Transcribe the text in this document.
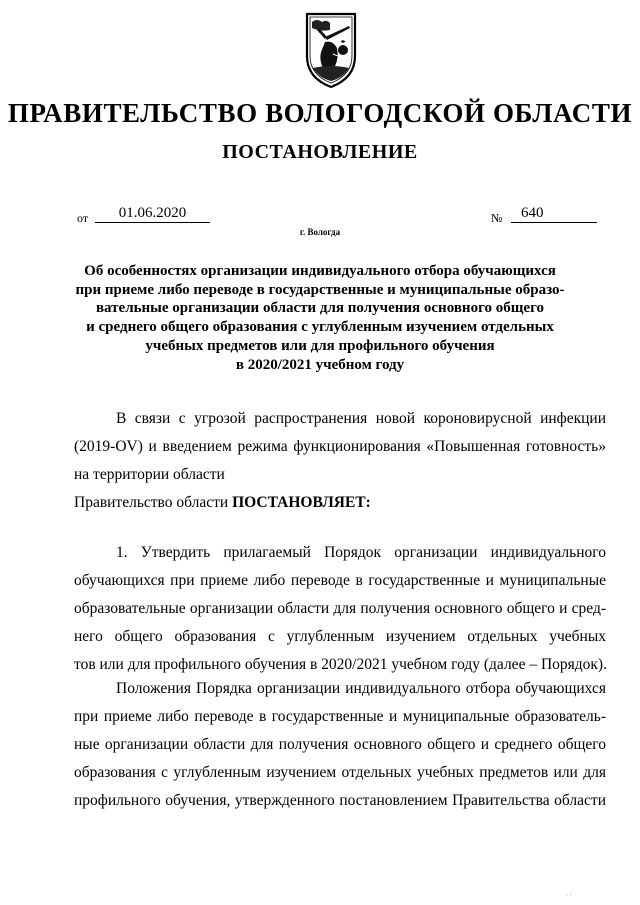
ПРАВИТЕЛЬСТВО ВОЛОГОДСКОЙ ОБЛАСТИ
ПОСТАНОВЛЕНИЕ
от	01.06.2020	№	640
г. Вологда
Об особенностях организации индивидуального отбора обучающихся
при приеме либо переводе в государственные и муниципальные образо-
вательные организации области для получения основного общего
и среднего общего образования с углубленным изучением отдельных
учебных предметов или для профильного обучения
в 2020/2021 учебном году
В связи с угрозой распространения новой короновирусной инфекции
(2019-OV) и введением режима функционирования «Повышенная готовность»
на территории области
Правительство области ПОСТАНОВЛЯЕТ:
1. Утвердить прилагаемый Порядок организации индивидуального
обучающихся при приеме либо переводе в государственные и муниципальные
образовательные организации области для получения основного общего и сред-
него общего образования с углубленным изучением отдельных учебных
тов или для профильного обучения в 2020/2021 учебном году (далее – Порядок).
Положения Порядка организации индивидуального отбора обучающихся
при приеме либо переводе в государственные и муниципальные образователь-
ные организации области для получения основного общего и среднего общего
образования с углубленным изучением отдельных учебных предметов или для
профильного обучения, утвержденного постановлением Правительства области
· ·
